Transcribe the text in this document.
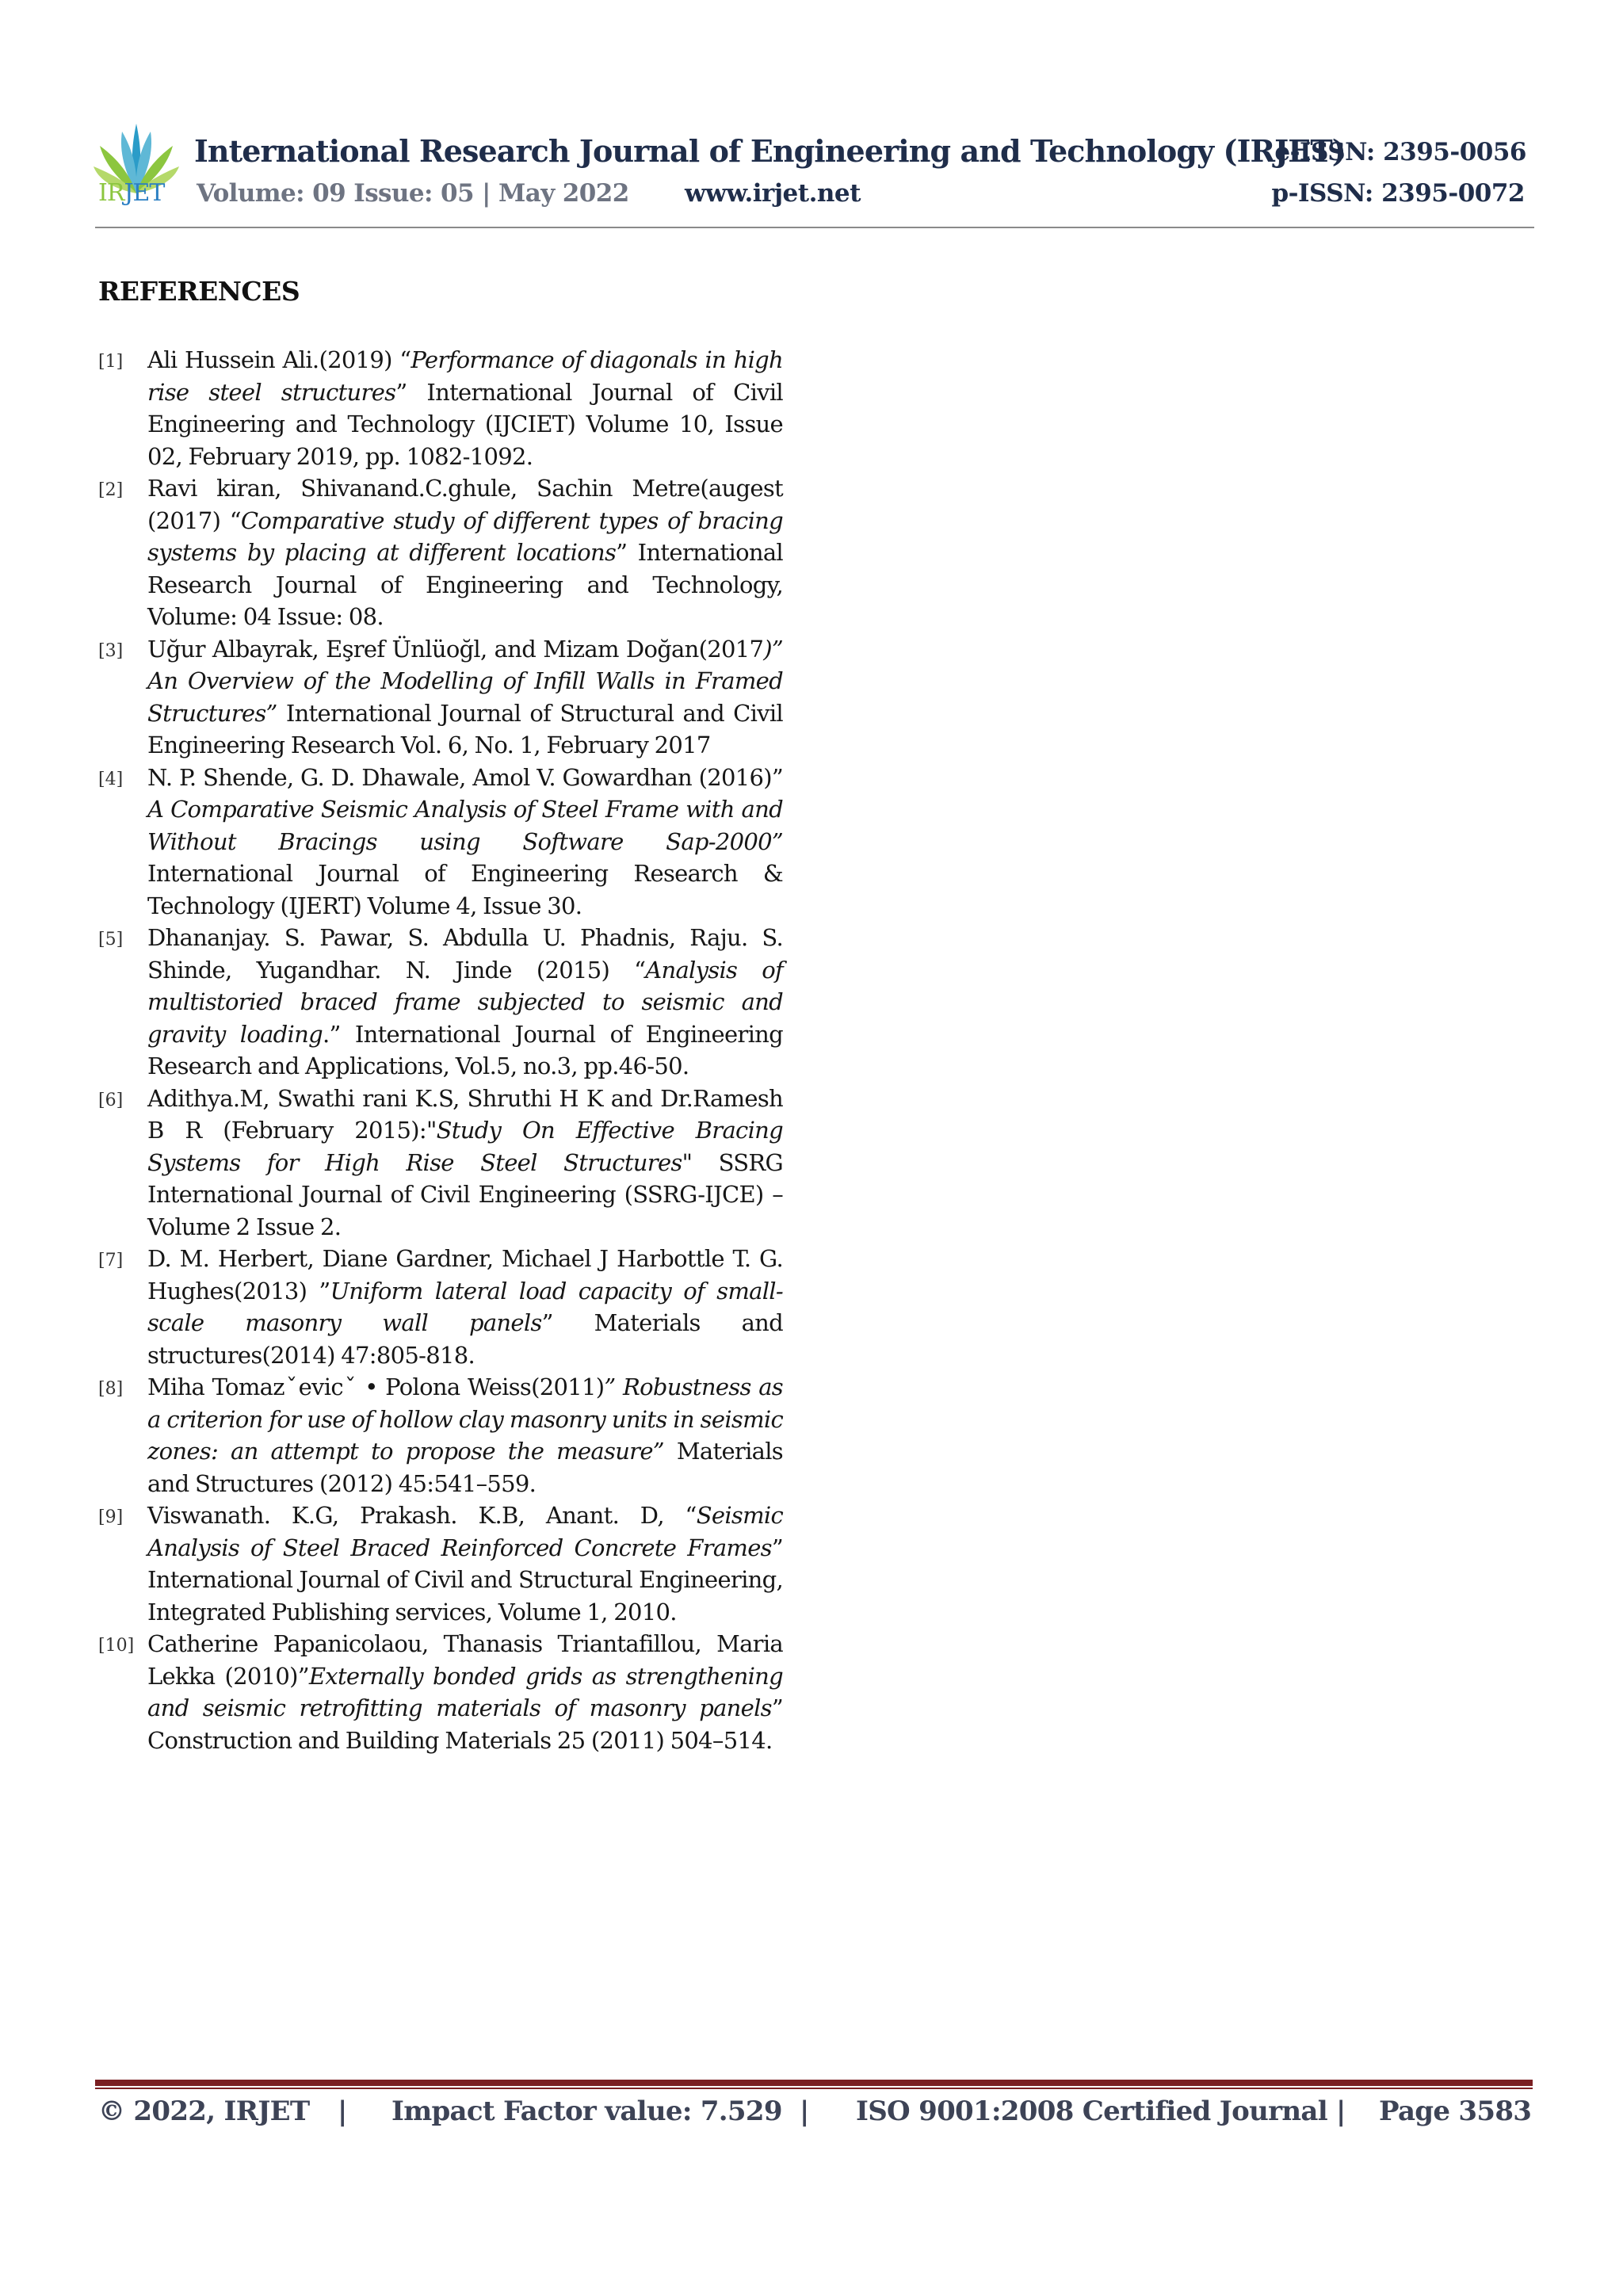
IRJET
International Research Journal of Engineering and Technology (IRJET)
e-ISSN: 2395-0056
Volume: 09 Issue: 05 | May 2022 www.irjet.net	p-ISSN: 2395-0072
REFERENCES
[1] Ali Hussein Ali.(2019) “Performance of diagonals in high rise steel structures” International Journal of Civil Engineering and Technology (IJCIET) Volume 10, Issue 02, February 2019, pp. 1082-1092.
[2] Ravi kiran, Shivanand.C.ghule, Sachin Metre(augest (2017) “Comparative study of different types of bracing systems by placing at different locations” International Research Journal of Engineering and Technology, Volume: 04 Issue: 08.
[3] Uğur Albayrak, Eşref Ünlüoğl, and Mizam Doğan(2017)” An Overview of the Modelling of Infill Walls in Framed Structures” International Journal of Structural and Civil Engineering Research Vol. 6, No. 1, February 2017
[4] N. P. Shende, G. D. Dhawale, Amol V. Gowardhan (2016)” A Comparative Seismic Analysis of Steel Frame with and Without Bracings using Software Sap-2000” International Journal of Engineering Research & Technology (IJERT) Volume 4, Issue 30.
[5] Dhananjay. S. Pawar, S. Abdulla U. Phadnis, Raju. S. Shinde, Yugandhar. N. Jinde (2015) “Analysis of multistoried braced frame subjected to seismic and gravity loading.” International Journal of Engineering Research and Applications, Vol.5, no.3, pp.46-50.
[6] Adithya.M, Swathi rani K.S, Shruthi H K and Dr.Ramesh B R (February 2015):"Study On Effective Bracing Systems for High Rise Steel Structures" SSRG International Journal of Civil Engineering (SSRG-IJCE) – Volume 2 Issue 2.
[7] D. M. Herbert, Diane Gardner, Michael J Harbottle T. G. Hughes(2013) ”Uniform lateral load capacity of small-scale masonry wall panels” Materials and structures(2014) 47:805-818.
[8] Miha Tomazˇevicˇ • Polona Weiss(2011)” Robustness as a criterion for use of hollow clay masonry units in seismic zones: an attempt to propose the measure” Materials and Structures (2012) 45:541–559.
[9] Viswanath. K.G, Prakash. K.B, Anant. D, “Seismic Analysis of Steel Braced Reinforced Concrete Frames” International Journal of Civil and Structural Engineering, Integrated Publishing services, Volume 1, 2010.
[10] Catherine Papanicolaou, Thanasis Triantafillou, Maria Lekka (2010)”Externally bonded grids as strengthening and seismic retrofitting materials of masonry panels” Construction and Building Materials 25 (2011) 504–514.
© 2022, IRJET | Impact Factor value: 7.529 | ISO 9001:2008 Certified Journal | Page 3583
